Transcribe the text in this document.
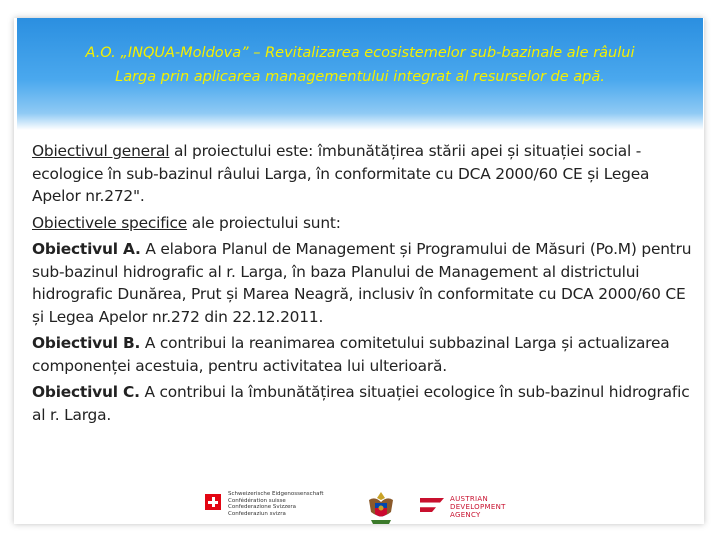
A.O. „INQUA-Moldova” – Revitalizarea ecosistemelor sub-bazinale ale râului
Larga prin aplicarea managementului integrat al resurselor de apă.

Obiectivul general al proiectului este: îmbunătățirea stării apei și situației social -ecologice în sub-bazinul râului Larga, în conformitate cu DCA 2000/60 CE și Legea Apelor nr.272".

Obiectivele specifice ale proiectului sunt:

Obiectivul A. A elabora Planul de Management și Programului de Măsuri (Po.M) pentru sub-bazinul hidrografic al r. Larga, în baza Planului de Management al districtului hidrografic Dunărea, Prut și Marea Neagră, inclusiv în conformitate cu DCA 2000/60 CE și Legea Apelor nr.272 din 22.12.2011.

Obiectivul B. A contribui la reanimarea comitetului subbazinal Larga și actualizarea componenței acestuia, pentru activitatea lui ulterioară.

Obiectivul C. A contribui la îmbunătățirea situației ecologice în sub-bazinul hidrografic al r. Larga.

Schweizerische Eidgenossenschaft
Confédération suisse
Confederazione Svizzera
Confederaziun svizra
AUSTRIAN
DEVELOPMENT
AGENCY
